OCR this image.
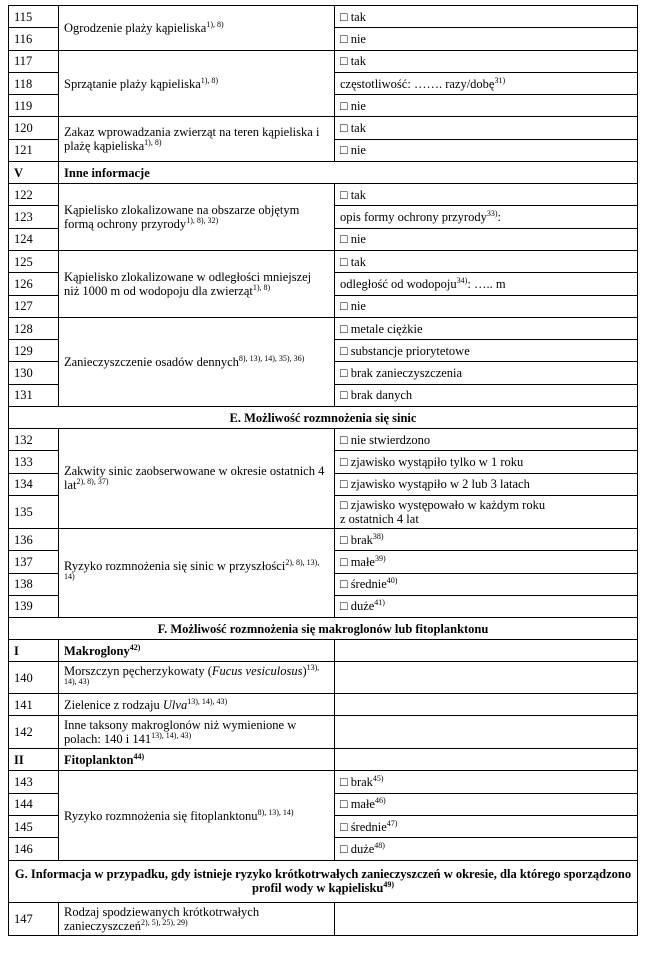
115	Ogrodzenie plaży kąpieliska$^{1), 8)}$	□ tak
116		□ nie
117	Sprzątanie plaży kąpieliska$^{1), 8)}$	□ tak
118		częstotliwość: ……. razy/dobę$^{31)}$
119		□ nie
120	Zakaz wprowadzania zwierząt na teren kąpieliska i plażę kąpieliska$^{1), 8)}$	□ tak
121		□ nie
V	Inne informacje	
122	Kąpielisko zlokalizowane na obszarze objętym formą ochrony przyrody$^{1), 8), 32)}$	□ tak
123		opis formy ochrony przyrody$^{33)}$:
124		□ nie
125	Kąpielisko zlokalizowane w odległości mniejszej niż 1000 m od wodopoju dla zwierząt$^{1), 8)}$	□ tak
126		odległość od wodopoju$^{34)}$: ….. m
127		□ nie
128	Zanieczyszczenie osadów dennych$^{8), 13), 14), 35), 36)}$	□ metale ciężkie
129		□ substancje priorytetowe
130		□ brak zanieczyszczenia
131		□ brak danych
E. Możliwość rozmnożenia się sinic		
132	Zakwity sinic zaobserwowane w okresie ostatnich 4 lat$^{2), 8), 37)}$	□ nie stwierdzono
133		□ zjawisko wystąpiło tylko w 1 roku
134		□ zjawisko wystąpiło w 2 lub 3 latach
135		□ zjawisko występowało w każdym roku
z ostatnich 4 lat
136	Ryzyko rozmnożenia się sinic w przyszłości$^{2), 8), 13), 14)}$	□ brak$^{38)}$
137		□ małe$^{39)}$
138		□ średnie$^{40)}$
139		□ duże$^{41)}$
F. Możliwość rozmnożenia się makroglonów lub fitoplanktonu		
I	Makroglony$^{42)}$	
140	Morszczyn pęcherzykowaty (Fucus vesiculosus)$^{13), 14), 43)}$	
141	Zielenice z rodzaju Ulva$^{13), 14), 43)}$	
142	Inne taksony makroglonów niż wymienione w polach: 140 i $141^{13), 14), 43)}$	
II	Fitoplankton$^{44)}$	
143	Ryzyko rozmnożenia się fitoplanktonu$^{8), 13), 14)}$	□ brak$^{45)}$
144		□ małe$^{46)}$
145		□ średnie$^{47)}$
146		□ duże$^{48)}$
G. Informacja w przypadku, gdy istnieje ryzyko krótkotrwałych zanieczyszczeń w okresie, dla którego sporządzono profil wody w kąpielisku$^{49)}$
147	Rodzaj spodziewanych krótkotrwałych zanieczyszczeń$^{2), 5), 25), 29)}$	
